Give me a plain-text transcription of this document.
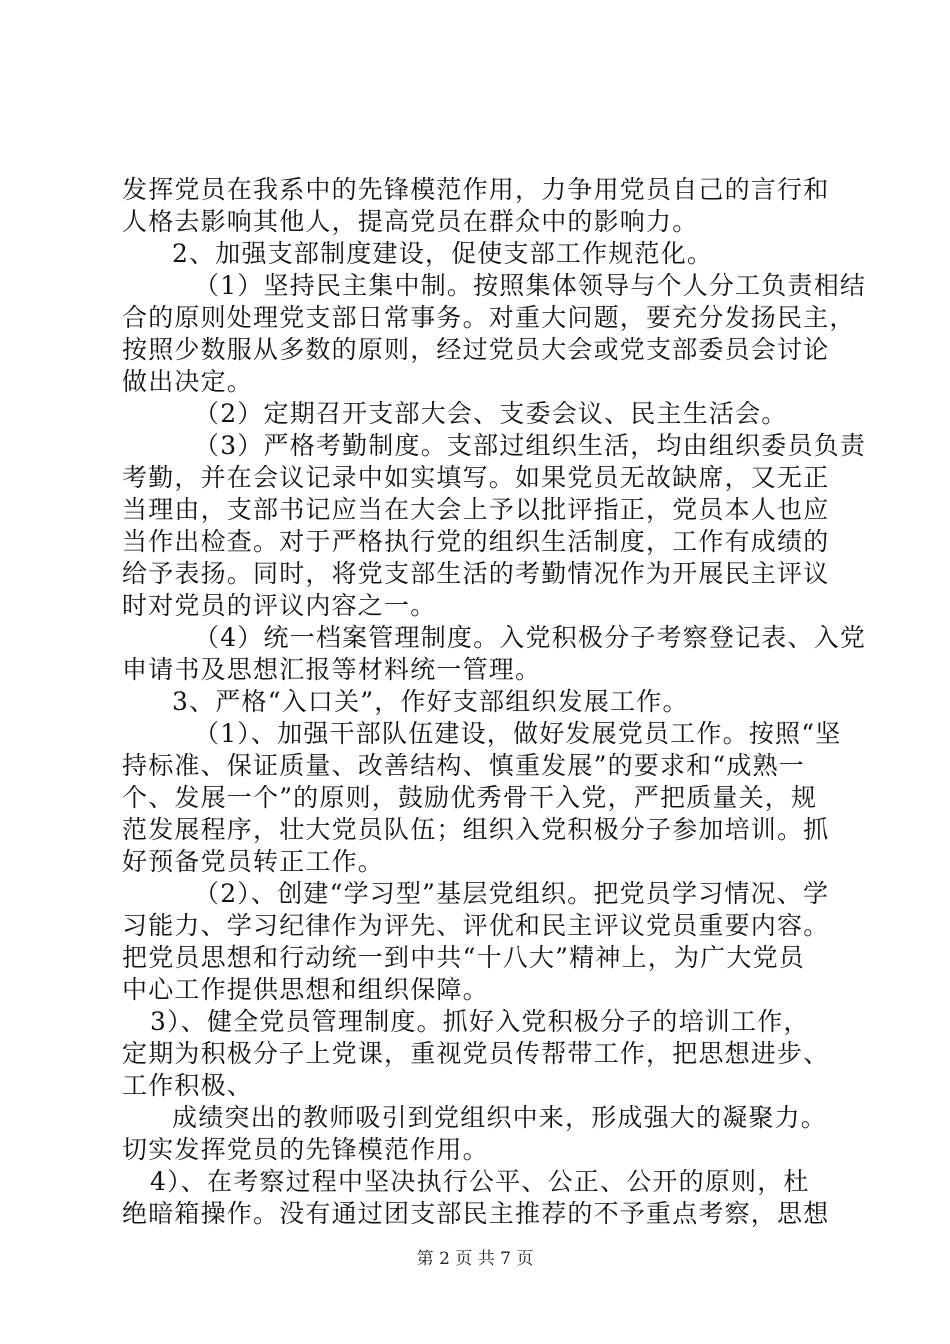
发挥党员在我系中的先锋模范作用，力争用党员自己的言行和
人格去影响其他人，提高党员在群众中的影响力。
2、加强支部制度建设，促使支部工作规范化。
（1）坚持民主集中制。按照集体领导与个人分工负责相结
合的原则处理党支部日常事务。对重大问题，要充分发扬民主，
按照少数服从多数的原则，经过党员大会或党支部委员会讨论
做出决定。
（2）定期召开支部大会、支委会议、民主生活会。
（3）严格考勤制度。支部过组织生活，均由组织委员负责
考勤，并在会议记录中如实填写。如果党员无故缺席，又无正
当理由，支部书记应当在大会上予以批评指正，党员本人也应
当作出检查。对于严格执行党的组织生活制度，工作有成绩的
给予表扬。同时，将党支部生活的考勤情况作为开展民主评议
时对党员的评议内容之一。
（4）统一档案管理制度。入党积极分子考察登记表、入党
申请书及思想汇报等材料统一管理。
3、严格“入口关”，作好支部组织发展工作。
（1）、加强干部队伍建设，做好发展党员工作。按照“坚
持标准、保证质量、改善结构、慎重发展”的要求和“成熟一
个、发展一个”的原则，鼓励优秀骨干入党，严把质量关，规
范发展程序，壮大党员队伍；组织入党积极分子参加培训。抓
好预备党员转正工作。
（2）、创建“学习型”基层党组织。把党员学习情况、学
习能力、学习纪律作为评先、评优和民主评议党员重要内容。
把党员思想和行动统一到中共“十八大”精神上，为广大党员
中心工作提供思想和组织保障。
3）、健全党员管理制度。抓好入党积极分子的培训工作，
定期为积极分子上党课，重视党员传帮带工作，把思想进步、
工作积极、
成绩突出的教师吸引到党组织中来，形成强大的凝聚力。
切实发挥党员的先锋模范作用。
4）、在考察过程中坚决执行公平、公正、公开的原则，杜
绝暗箱操作。没有通过团支部民主推荐的不予重点考察，思想
第 2 页 共 7 页
